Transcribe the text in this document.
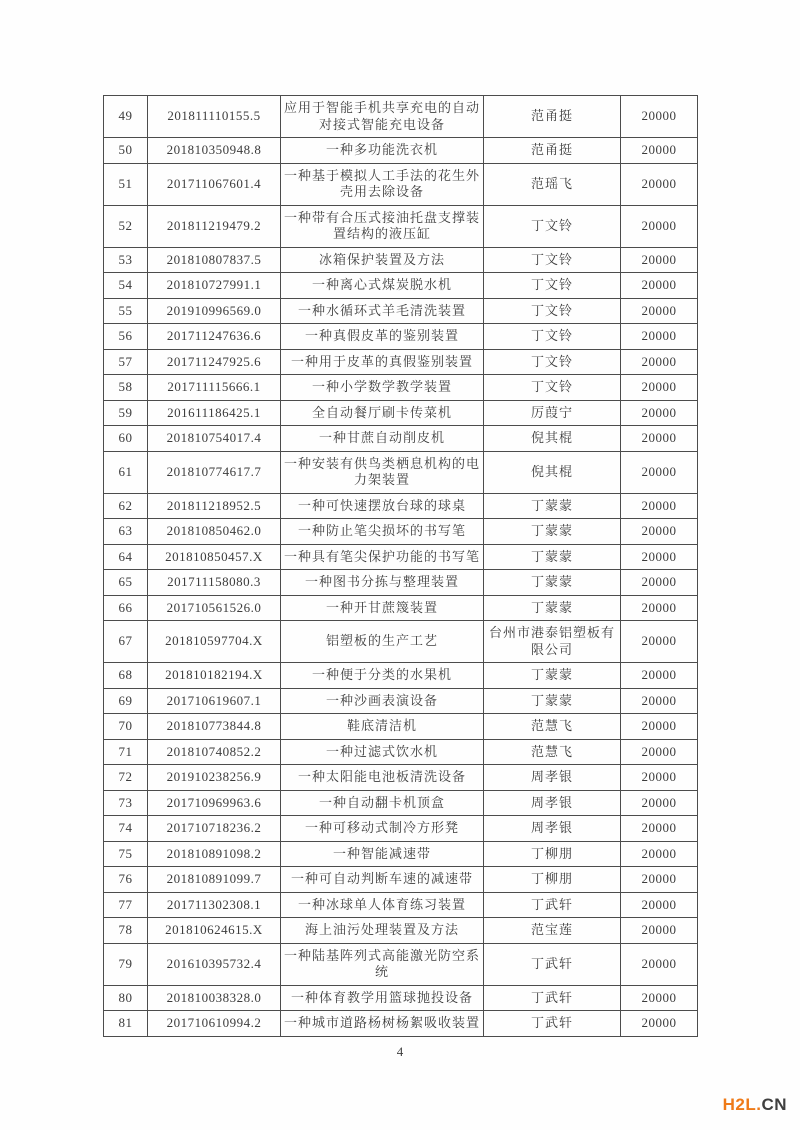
49	201811110155.5	应用于智能手机共享充电的自动对接式智能充电设备	范甬挺	20000
50	201810350948.8	一种多功能洗衣机	范甬挺	20000
51	201711067601.4	一种基于模拟人工手法的花生外壳用去除设备	范瑶飞	20000
52	201811219479.2	一种带有合压式接油托盘支撑装置结构的液压缸	丁文铃	20000
53	201810807837.5	冰箱保护装置及方法	丁文铃	20000
54	201810727991.1	一种离心式煤炭脱水机	丁文铃	20000
55	201910996569.0	一种水循环式羊毛清洗装置	丁文铃	20000
56	201711247636.6	一种真假皮革的鉴别装置	丁文铃	20000
57	201711247925.6	一种用于皮革的真假鉴别装置	丁文铃	20000
58	201711115666.1	一种小学数学教学装置	丁文铃	20000
59	201611186425.1	全自动餐厅刷卡传菜机	厉葭宁	20000
60	201810754017.4	一种甘蔗自动削皮机	倪其棍	20000
61	201810774617.7	一种安装有供鸟类栖息机构的电力架装置	倪其棍	20000
62	201811218952.5	一种可快速摆放台球的球桌	丁蒙蒙	20000
63	201810850462.0	一种防止笔尖损坏的书写笔	丁蒙蒙	20000
64	201810850457.X	一种具有笔尖保护功能的书写笔	丁蒙蒙	20000
65	201711158080.3	一种图书分拣与整理装置	丁蒙蒙	20000
66	201710561526.0	一种开甘蔗篾装置	丁蒙蒙	20000
67	201810597704.X	铝塑板的生产工艺	台州市港泰铝塑板有限公司	20000
68	201810182194.X	一种便于分类的水果机	丁蒙蒙	20000
69	201710619607.1	一种沙画表演设备	丁蒙蒙	20000
70	201810773844.8	鞋底清洁机	范慧飞	20000
71	201810740852.2	一种过滤式饮水机	范慧飞	20000
72	201910238256.9	一种太阳能电池板清洗设备	周孝银	20000
73	201710969963.6	一种自动翻卡机顶盒	周孝银	20000
74	201710718236.2	一种可移动式制冷方形凳	周孝银	20000
75	201810891098.2	一种智能减速带	丁柳朋	20000
76	201810891099.7	一种可自动判断车速的减速带	丁柳朋	20000
77	201711302308.1	一种冰球单人体育练习装置	丁武轩	20000
78	201810624615.X	海上油污处理装置及方法	范宝莲	20000
79	201610395732.4	一种陆基阵列式高能激光防空系统	丁武轩	20000
80	201810038328.0	一种体育教学用篮球抛投设备	丁武轩	20000
81	201710610994.2	一种城市道路杨树杨絮吸收装置	丁武轩	20000
4
H2L.CN
